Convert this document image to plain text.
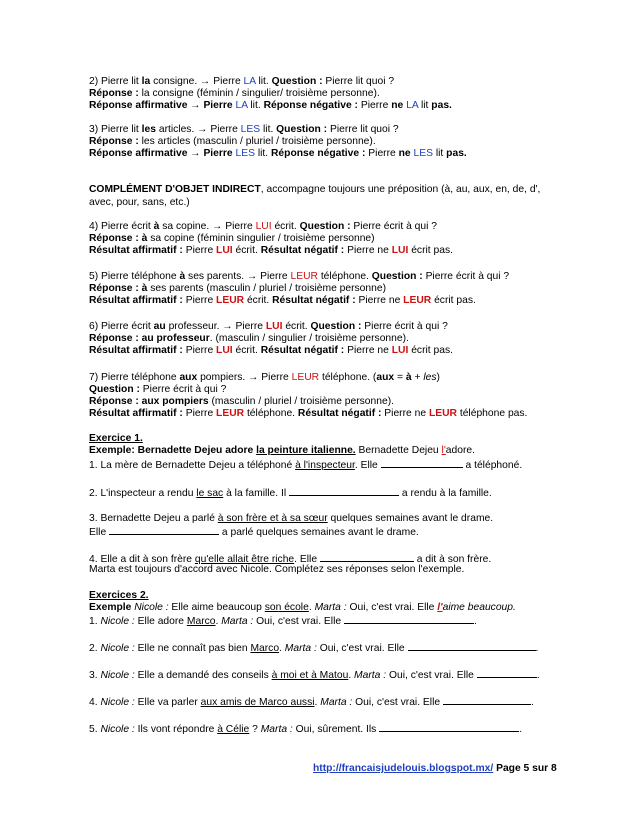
2) Pierre lit la consigne. → Pierre LA lit. Question : Pierre lit quoi ?
Réponse : la consigne (féminin / singulier/ troisième personne).
Réponse affirmative → Pierre LA lit. Réponse négative : Pierre ne LA lit pas.
3) Pierre lit les articles. → Pierre LES lit. Question : Pierre lit quoi ?
Réponse : les articles (masculin / pluriel / troisième personne).
Réponse affirmative → Pierre LES lit. Réponse négative : Pierre ne LES lit pas.
COMPLÉMENT D'OBJET INDIRECT, accompagne toujours une préposition (à, au, aux, en, de, d',
avec, pour, sans, etc.)
4) Pierre écrit à sa copine. → Pierre LUI écrit. Question : Pierre écrit à qui ?
Réponse : à sa copine (féminin singulier / troisième personne)
Résultat affirmatif : Pierre LUI écrit. Résultat négatif : Pierre ne LUI écrit pas.
5) Pierre téléphone à ses parents. → Pierre LEUR téléphone. Question : Pierre écrit à qui ?
Réponse : à ses parents (masculin / pluriel / troisième personne)
Résultat affirmatif : Pierre LEUR écrit. Résultat négatif : Pierre ne LEUR écrit pas.
6) Pierre écrit au professeur. → Pierre LUI écrit. Question : Pierre écrit à qui ?
Réponse : au professeur. (masculin / singulier / troisième personne).
Résultat affirmatif : Pierre LUI écrit. Résultat négatif : Pierre ne LUI écrit pas.
7) Pierre téléphone aux pompiers. → Pierre LEUR téléphone. (aux = à + les)
Question : Pierre écrit à qui ?
Réponse : aux pompiers (masculin / pluriel / troisième personne).
Résultat affirmatif : Pierre LEUR téléphone. Résultat négatif : Pierre ne LEUR téléphone pas.
Exercice 1.
Exemple: Bernadette Dejeu adore la peinture italienne. Bernadette Dejeu l'adore.
1. La mère de Bernadette Dejeu a téléphoné à l'inspecteur. Elle	a téléphoné.
2. L'inspecteur a rendu le sac à la famille. Il	a rendu à la famille.
3. Bernadette Dejeu a parlé à son frère et à sa sœur quelques semaines avant le drame.
Elle	a parlé quelques semaines avant le drame.
4. Elle a dit à son frère qu'elle allait être riche. Elle	a dit à son frère.
Marta est toujours d'accord avec Nicole. Complétez ses réponses selon l'exemple.
Exercices 2.
Exemple Nicole : Elle aime beaucoup son école. Marta : Oui, c'est vrai. Elle l'aime beaucoup.
1. Nicole : Elle adore Marco. Marta : Oui, c'est vrai. Elle	.
2. Nicole : Elle ne connaît pas bien Marco. Marta : Oui, c'est vrai. Elle	.
3. Nicole : Elle a demandé des conseils à moi et à Matou. Marta : Oui, c'est vrai. Elle	.
4. Nicole : Elle va parler aux amis de Marco aussi. Marta : Oui, c'est vrai. Elle	.
5. Nicole : Ils vont répondre à Célie ? Marta : Oui, sûrement. Ils	.
http://francaisjudelouis.blogspot.mx/ Page 5 sur 8
